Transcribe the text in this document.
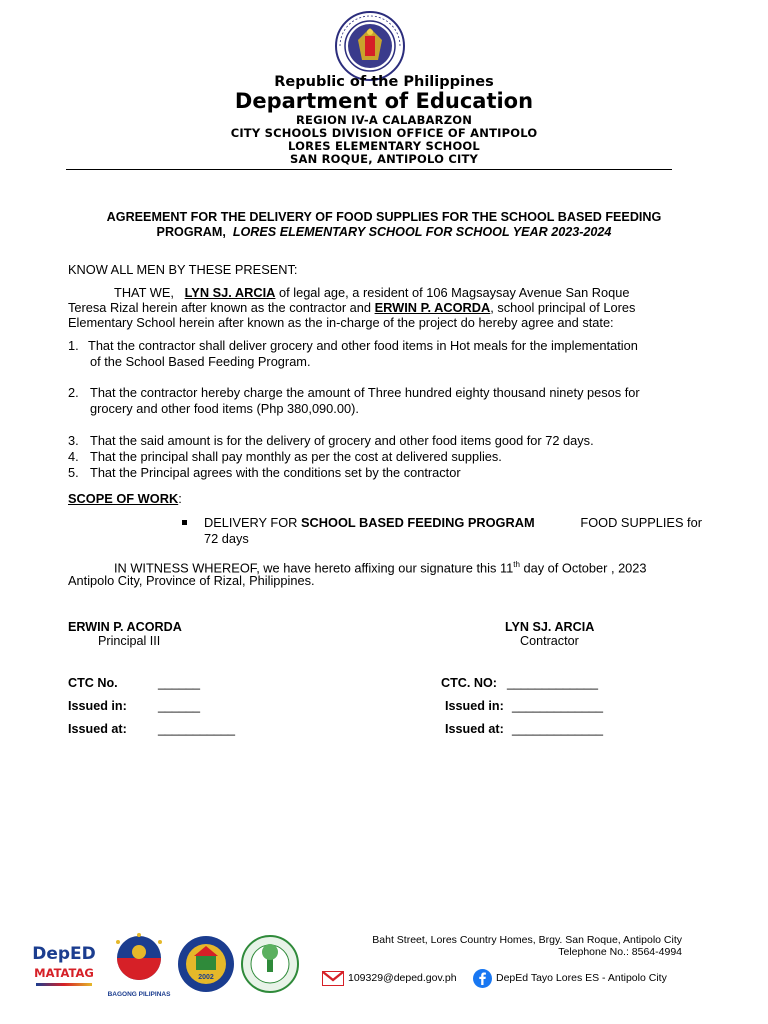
Republic of the Philippines
Department of Education
REGION IV-A CALABARZON
CITY SCHOOLS DIVISION OFFICE OF ANTIPOLO
LORES ELEMENTARY SCHOOL
SAN ROQUE, ANTIPOLO CITY
AGREEMENT FOR THE DELIVERY OF FOOD SUPPLIES FOR THE SCHOOL BASED FEEDING
PROGRAM, LORES ELEMENTARY SCHOOL FOR SCHOOL YEAR 2023-2024
KNOW ALL MEN BY THESE PRESENT:
THAT WE, LYN SJ. ARCIA of legal age, a resident of 106 Magsaysay Avenue San Roque
Teresa Rizal herein after known as the contractor and ERWIN P. ACORDA, school principal of Lores
Elementary School herein after known as the in-charge of the project do hereby agree and state:
1. That the contractor shall deliver grocery and other food items in Hot meals for the implementation
of the School Based Feeding Program.
2. That the contractor hereby charge the amount of Three hundred eighty thousand ninety pesos for
grocery and other food items (Php 380,090.00).
3. That the said amount is for the delivery of grocery and other food items good for 72 days.
4. That the principal shall pay monthly as per the cost at delivered supplies.
5. That the Principal agrees with the conditions set by the contractor
SCOPE OF WORK:
DELIVERY FOR SCHOOL BASED FEEDING PROGRAM	FOOD SUPPLIES for
72 days
IN WITNESS WHEREOF, we have hereto affixing our signature this 11th day of October , 2023
Antipolo City, Province of Rizal, Philippines.
ERWIN P. ACORDA
Principal III
LYN SJ. ARCIA
Contractor
CTC No.	______
Issued in: ______
Issued at: ___________
CTC. NO: _____________
Issued in: _____________
Issued at: _____________
DepED
MATATAG
BAGONG PILIPINAS
2002
Baht Street, Lores Country Homes, Brgy. San Roque, Antipolo City
Telephone No.: 8564-4994
109329@deped.gov.ph	DepEd Tayo Lores ES - Antipolo City
